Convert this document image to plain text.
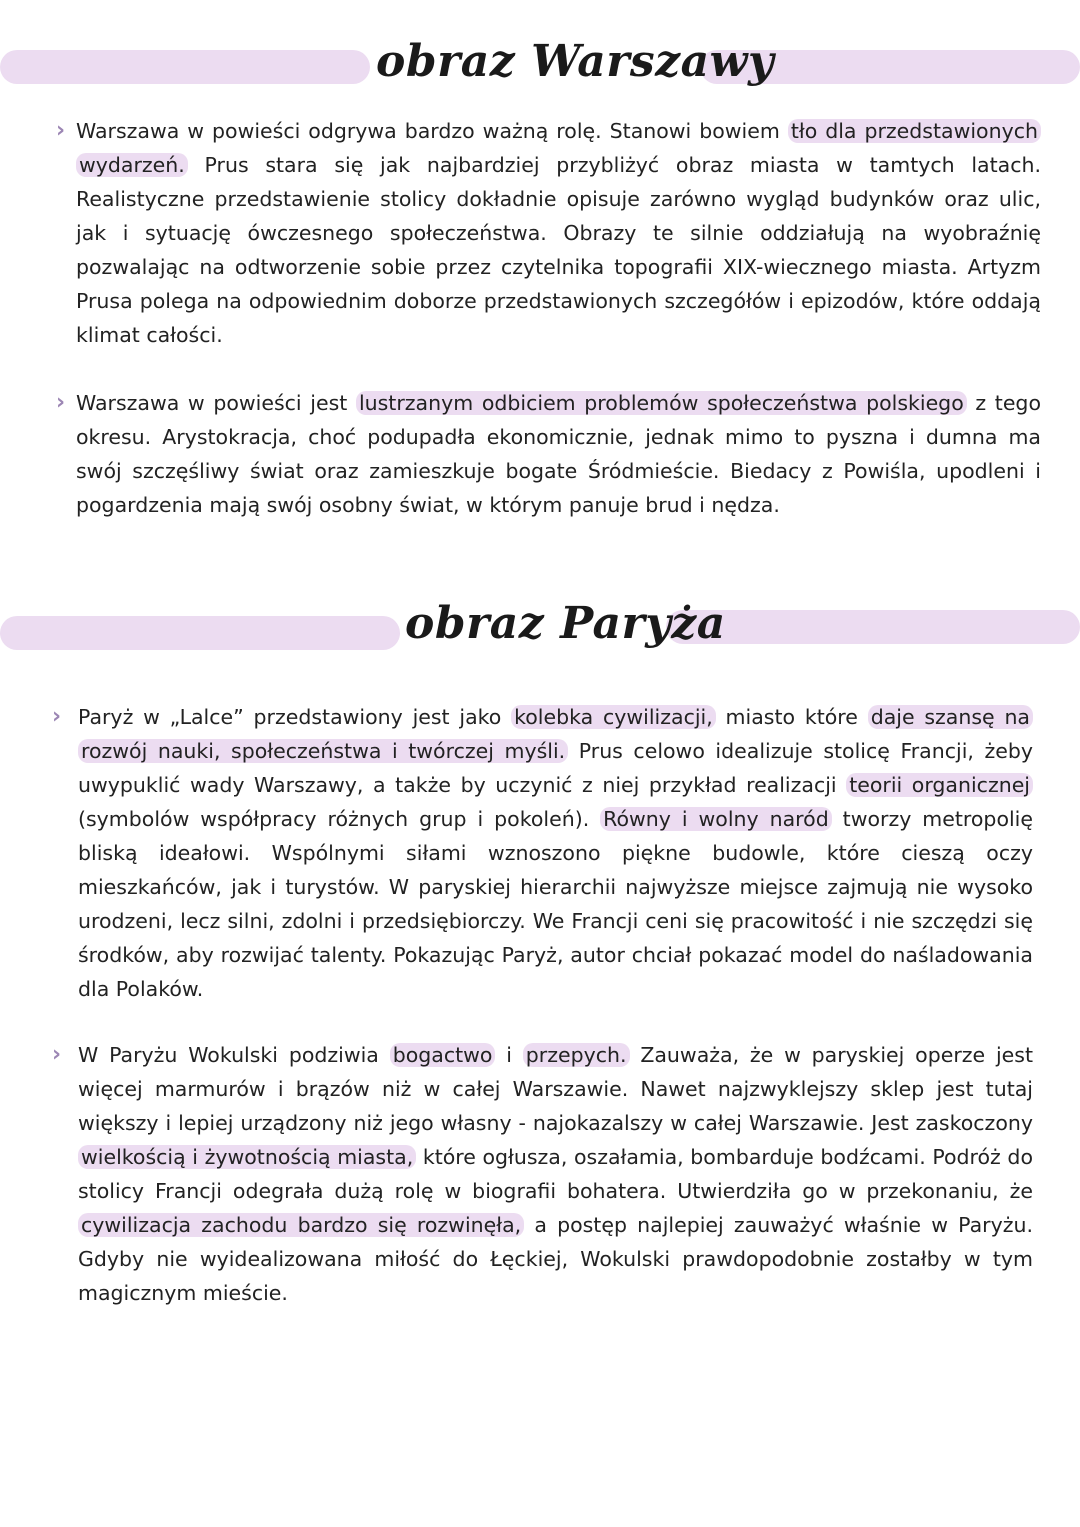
obraz Warszawy
› Warszawa w powieści odgrywa bardzo ważną rolę. Stanowi bowiem tło dla przedstawionych wydarzeń. Prus stara się jak najbardziej przybliżyć obraz miasta w tamtych latach. Realistyczne przedstawienie stolicy dokładnie opisuje zarówno wygląd budynków oraz ulic, jak i sytuację ówczesnego społeczeństwa. Obrazy te silnie oddziałują na wyobraźnię pozwalając na odtworzenie sobie przez czytelnika topografii XIX-wiecznego miasta. Artyzm Prusa polega na odpowiednim doborze przedstawionych szczegółów i epizodów, które oddają klimat całości.

› Warszawa w powieści jest lustrzanym odbiciem problemów społeczeństwa polskiego z tego okresu. Arystokracja, choć podupadła ekonomicznie, jednak mimo to pyszna i dumna ma swój szczęśliwy świat oraz zamieszkuje bogate Śródmieście. Biedacy z Powiśla, upodleni i pogardzenia mają swój osobny świat, w którym panuje brud i nędza.

obraz Paryża
› Paryż w „Lalce” przedstawiony jest jako kolebka cywilizacji, miasto które daje szansę na rozwój nauki, społeczeństwa i twórczej myśli. Prus celowo idealizuje stolicę Francji, żeby uwypuklić wady Warszawy, a także by uczynić z niej przykład realizacji teorii organicznej (symbolów współpracy różnych grup i pokoleń). Równy i wolny naród tworzy metropolię bliską ideałowi. Wspólnymi siłami wznoszono piękne budowle, które cieszą oczy mieszkańców, jak i turystów. W paryskiej hierarchii najwyższe miejsce zajmują nie wysoko urodzeni, lecz silni, zdolni i przedsiębiorczy. We Francji ceni się pracowitość i nie szczędzi się środków, aby rozwijać talenty. Pokazując Paryż, autor chciał pokazać model do naśladowania dla Polaków.

› W Paryżu Wokulski podziwia bogactwo i przepych. Zauważa, że w paryskiej operze jest więcej marmurów i brązów niż w całej Warszawie. Nawet najzwyklejszy sklep jest tutaj większy i lepiej urządzony niż jego własny - najokazalszy w całej Warszawie. Jest zaskoczony wielkością i żywotnością miasta, które ogłusza, oszałamia, bombarduje bodźcami. Podróż do stolicy Francji odegrała dużą rolę w biografii bohatera. Utwierdziła go w przekonaniu, że cywilizacja zachodu bardzo się rozwinęła, a postęp najlepiej zauważyć właśnie w Paryżu. Gdyby nie wyidealizowana miłość do Łęckiej, Wokulski prawdopodobnie zostałby w tym magicznym mieście.
